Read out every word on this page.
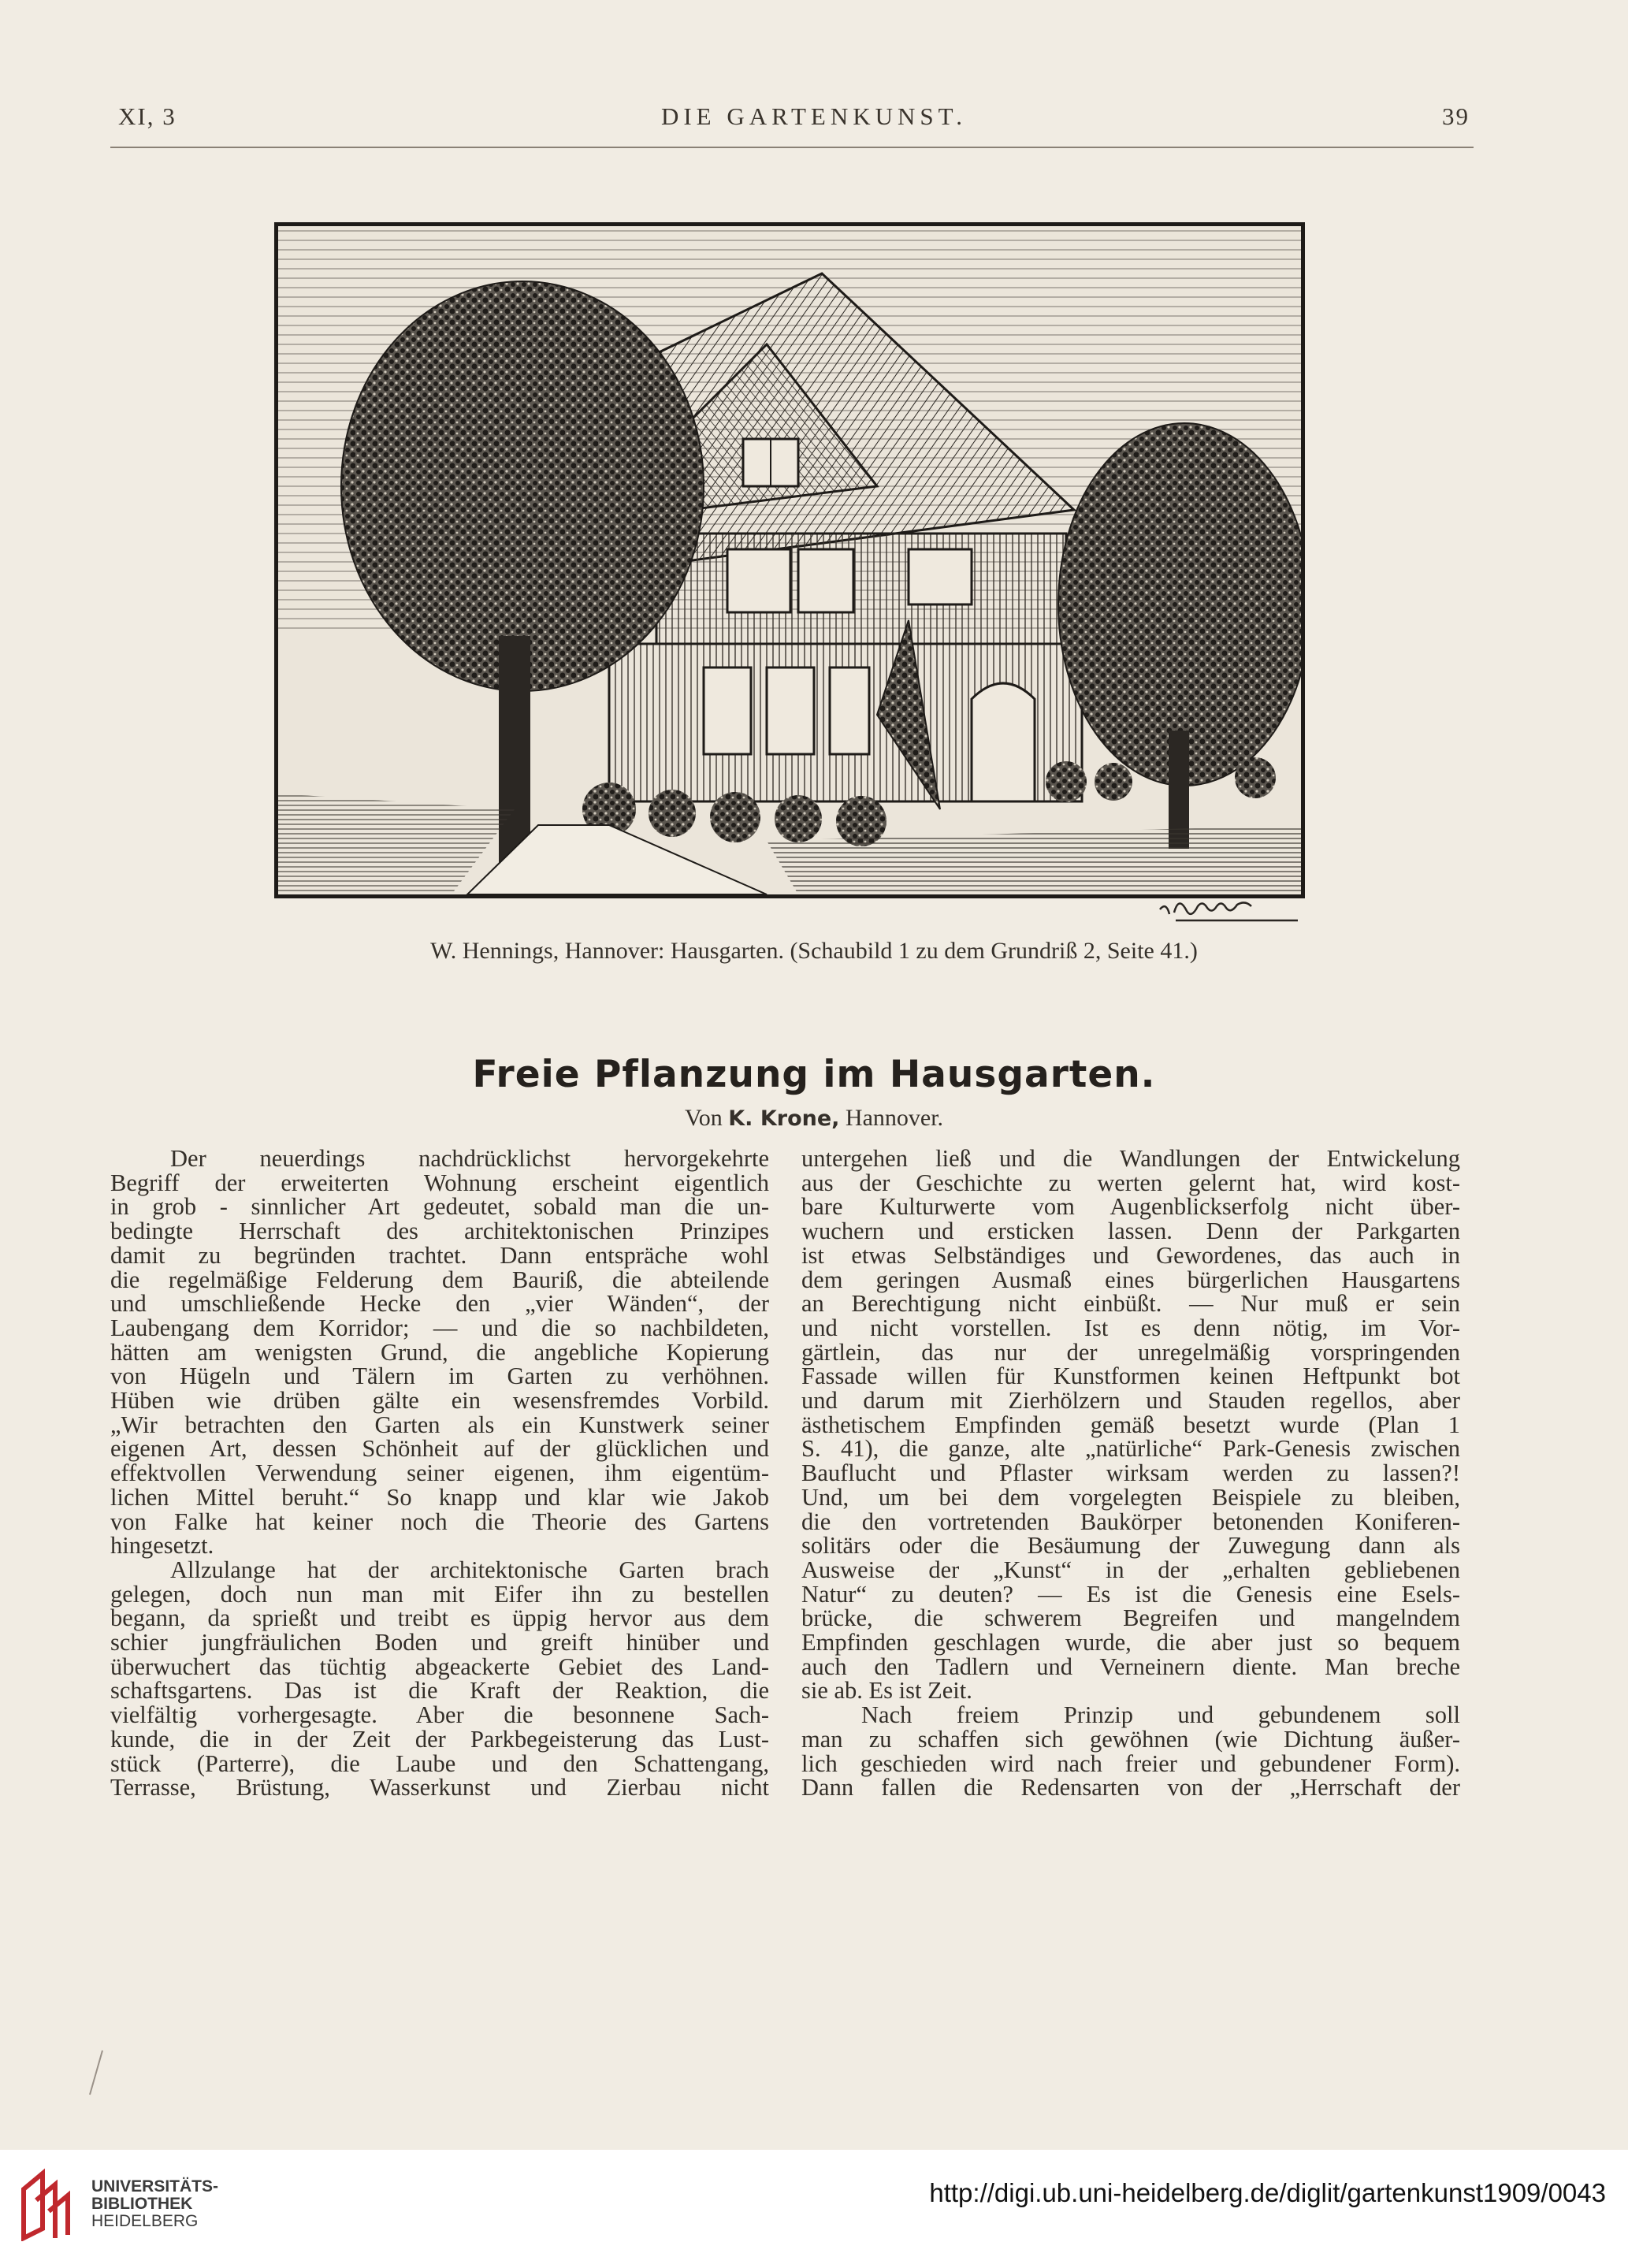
XI, 3	DIE GARTENKUNST.	39
W. Hennings, Hannover: Hausgarten. (Schaubild 1 zu dem Grundriß 2, Seite 41.)
Freie Pflanzung im Hausgarten.
Von K. Krone, Hannover.
Der neuerdings nachdrücklichst hervorgekehrte
Begriff der erweiterten Wohnung erscheint eigentlich
in grob - sinnlicher Art gedeutet, sobald man die un-
bedingte Herrschaft des architektonischen Prinzipes
damit zu begründen trachtet. Dann entspräche wohl
die regelmäßige Felderung dem Bauriß, die abteilende
und umschließende Hecke den „vier Wänden“, der
Laubengang dem Korridor; — und die so nachbildeten,
hätten am wenigsten Grund, die angebliche Kopierung
von Hügeln und Tälern im Garten zu verhöhnen.
Hüben wie drüben gälte ein wesensfremdes Vorbild.
„Wir betrachten den Garten als ein Kunstwerk seiner
eigenen Art, dessen Schönheit auf der glücklichen und
effektvollen Verwendung seiner eigenen, ihm eigentüm-
lichen Mittel beruht.“ So knapp und klar wie Jakob
von Falke hat keiner noch die Theorie des Gartens
hingesetzt.
Allzulange hat der architektonische Garten brach
gelegen, doch nun man mit Eifer ihn zu bestellen
begann, da sprießt und treibt es üppig hervor aus dem
schier jungfräulichen Boden und greift hinüber und
überwuchert das tüchtig abgeackerte Gebiet des Land-
schaftsgartens. Das ist die Kraft der Reaktion, die
vielfältig vorhergesagte. Aber die besonnene Sach-
kunde, die in der Zeit der Parkbegeisterung das Lust-
stück (Parterre), die Laube und den Schattengang,
Terrasse, Brüstung, Wasserkunst und Zierbau nicht
untergehen ließ und die Wandlungen der Entwickelung
aus der Geschichte zu werten gelernt hat, wird kost-
bare Kulturwerte vom Augenblickserfolg nicht über-
wuchern und ersticken lassen. Denn der Parkgarten
ist etwas Selbständiges und Gewordenes, das auch in
dem geringen Ausmaß eines bürgerlichen Hausgartens
an Berechtigung nicht einbüßt. — Nur muß er sein
und nicht vorstellen. Ist es denn nötig, im Vor-
gärtlein, das nur der unregelmäßig vorspringenden
Fassade willen für Kunstformen keinen Heftpunkt bot
und darum mit Zierhölzern und Stauden regellos, aber
ästhetischem Empfinden gemäß besetzt wurde (Plan 1
S. 41), die ganze, alte „natürliche“ Park-Genesis zwischen
Bauflucht und Pflaster wirksam werden zu lassen?!
Und, um bei dem vorgelegten Beispiele zu bleiben,
die den vortretenden Baukörper betonenden Koniferen-
solitärs oder die Besäumung der Zuwegung dann als
Ausweise der „Kunst“ in der „erhalten gebliebenen
Natur“ zu deuten? — Es ist die Genesis eine Esels-
brücke, die schwerem Begreifen und mangelndem
Empfinden geschlagen wurde, die aber just so bequem
auch den Tadlern und Verneinern diente. Man breche
sie ab. Es ist Zeit.
Nach freiem Prinzip und gebundenem soll
man zu schaffen sich gewöhnen (wie Dichtung äußer-
lich geschieden wird nach freier und gebundener Form).
Dann fallen die Redensarten von der „Herrschaft der
UNIVERSITÄTS-
BIBLIOTHEK
HEIDELBERG
http://digi.ub.uni-heidelberg.de/diglit/gartenkunst1909/0043
